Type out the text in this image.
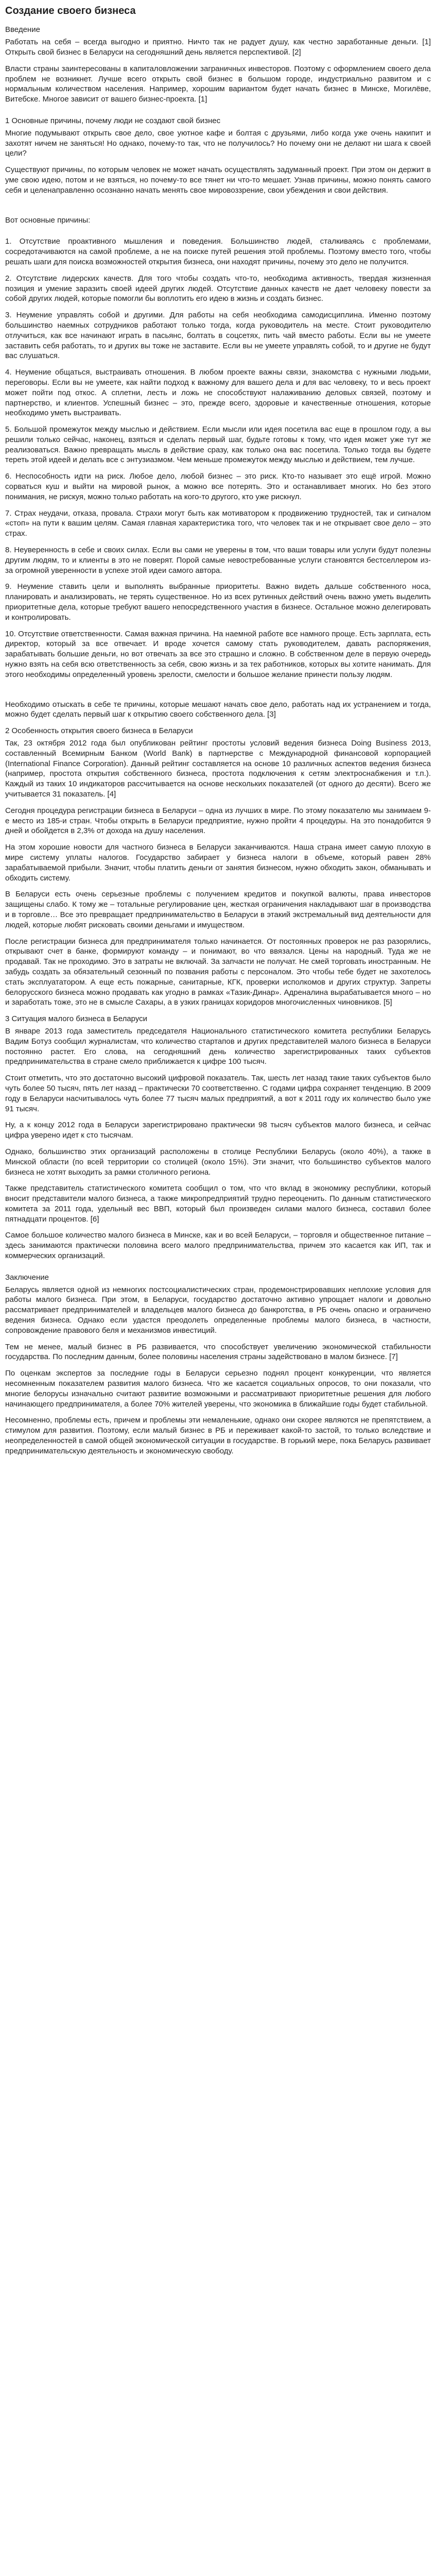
Создание своего бизнеса
Введение

Работать на себя – всегда выгодно и приятно. Ничто так не радует душу, как честно заработанные деньги. [1] Открыть свой бизнес в Беларуси на сегодняшний день является перспективой. [2]

Власти страны заинтересованы в капиталовложении заграничных инвесторов. Поэтому с оформлением своего дела проблем не возникнет. Лучше всего открыть свой бизнес в большом городе, индустриально развитом и с нормальным количеством населения. Например, хорошим вариантом будет начать бизнес в Минске, Могилёве, Витебске. Многое зависит от вашего бизнес-проекта. [1]

1 Основные причины, почему люди не создают свой бизнес

Многие подумывают открыть свое дело, свое уютное кафе и болтая с друзьями, либо когда уже очень накипит и захотят ничем не заняться! Но однако, почему-то так, что не получилось? Но почему они не делают ни шага к своей цели?

Существуют причины, по которым человек не может начать осуществлять задуманный проект. При этом он держит в уме свою идею, потом и не взяться, но почему-то все тянет ни что-то мешает. Узнав причины, можно понять самого себя и целенаправленно осознанно начать менять свое мировоззрение, свои убеждения и свои действия.

Вот основные причины:

1. Отсутствие проактивного мышления и поведения. Большинство людей, сталкиваясь с проблемами, сосредотачиваются на самой проблеме, а не на поиске путей решения этой проблемы. Поэтому вместо того, чтобы решать шаги для поиска возможностей открытия бизнеса, они находят причины, почему это дело не получится.

2. Отсутствие лидерских качеств. Для того чтобы создать что-то, необходима активность, твердая жизненная позиция и умение заразить своей идеей других людей. Отсутствие данных качеств не дает человеку повести за собой других людей, которые помогли бы воплотить его идею в жизнь и создать бизнес.

3. Неумение управлять собой и другими. Для работы на себя необходима самодисциплина. Именно поэтому большинство наемных сотрудников работают только тогда, когда руководитель на месте. Стоит руководителю отлучиться, как все начинают играть в пасьянс, болтать в соцсетях, пить чай вместо работы. Если вы не умеете заставить себя работать, то и других вы тоже не заставите. Если вы не умеете управлять собой, то и другие не будут вас слушаться.

4. Неумение общаться, выстраивать отношения. В любом проекте важны связи, знакомства с нужными людьми, переговоры. Если вы не умеете, как найти подход к важному для вашего дела и для вас человеку, то и весь проект может пойти под откос. А сплетни, лесть и ложь не способствуют налаживанию деловых связей, поэтому и партнерство, и клиентов. Успешный бизнес – это, прежде всего, здоровые и качественные отношения, которые необходимо уметь выстраивать.

5. Большой промежуток между мыслью и действием. Если мысли или идея посетила вас еще в прошлом году, а вы решили только сейчас, наконец, взяться и сделать первый шаг, будьте готовы к тому, что идея может уже тут же реализоваться. Важно превращать мысль в действие сразу, как только она вас посетила. Только тогда вы будете тереть этой идеей и делать все с энтузиазмом. Чем меньше промежуток между мыслью и действием, тем лучше.

6. Неспособность идти на риск. Любое дело, любой бизнес – это риск. Кто-то называет это ещё игрой. Можно сорваться куш и выйти на мировой рынок, а можно все потерять. Это и останавливает многих. Но без этого понимания, не рискуя, можно только работать на кого-то другого, кто уже рискнул.

7. Страх неудачи, отказа, провала. Страхи могут быть как мотиватором к продвижению трудностей, так и сигналом «стоп» на пути к вашим целям. Самая главная характеристика того, что человек так и не открывает свое дело – это страх.

8. Неуверенность в себе и своих силах. Если вы сами не уверены в том, что ваши товары или услуги будут полезны другим людям, то и клиенты в это не поверят. Порой самые невостребованные услуги становятся бестселлером из-за огромной уверенности в успехе этой идеи самого автора.

9. Неумение ставить цели и выполнять выбранные приоритеты. Важно видеть дальше собственного носа, планировать и анализировать, не терять существенное. Но из всех рутинных действий очень важно уметь выделить приоритетные дела, которые требуют вашего непосредственного участия в бизнесе. Остальное можно делегировать и контролировать.

10. Отсутствие ответственности. Самая важная причина. На наемной работе все намного проще. Есть зарплата, есть директор, который за все отвечает. И вроде хочется самому стать руководителем, давать распоряжения, зарабатывать большие деньги, но вот отвечать за все это страшно и сложно. В собственном деле в первую очередь нужно взять на себя всю ответственность за себя, свою жизнь и за тех работников, которых вы хотите нанимать. Для этого необходимы определенный уровень зрелости, смелости и большое желание принести пользу людям.

Необходимо отыскать в себе те причины, которые мешают начать свое дело, работать над их устранением и тогда, можно будет сделать первый шаг к открытию своего собственного дела. [3]

2 Особенность открытия своего бизнеса в Беларуси

Так, 23 октября 2012 года был опубликован рейтинг простоты условий ведения бизнеса Doing Business 2013, составленный Всемирным Банком (World Bank) в партнерстве с Международной финансовой корпорацией (International Finance Corporation). Данный рейтинг составляется на основе 10 различных аспектов ведения бизнеса (например, простота открытия собственного бизнеса, простота подключения к сетям электроснабжения и т.п.). Каждый из таких 10 индикаторов рассчитывается на основе нескольких показателей (от одного до десяти). Всего же учитывается 31 показатель. [4]

Сегодня процедура регистрации бизнеса в Беларуси – одна из лучших в мире. По этому показателю мы занимаем 9-е место из 185-и стран. Чтобы открыть в Беларуси предприятие, нужно пройти 4 процедуры. На это понадобится 9 дней и обойдется в 2,3% от дохода на душу населения.

На этом хорошие новости для частного бизнеса в Беларуси заканчиваются. Наша страна имеет самую плохую в мире систему уплаты налогов. Государство забирает у бизнеса налоги в объеме, который равен 28% зарабатываемой прибыли. Значит, чтобы платить деньги от занятия бизнесом, нужно обходить закон, обманывать и обходить систему.

В Беларуси есть очень серьезные проблемы с получением кредитов и покупкой валюты, права инвесторов защищены слабо. К тому же – тотальные регулирование цен, жесткая ограничения накладывают шаг в производства и в торговле… Все это превращает предпринимательство в Беларуси в этакий экстремальный вид деятельности для людей, которые любят рисковать своими деньгами и имуществом.

После регистрации бизнеса для предпринимателя только начинается. От постоянных проверок не раз разорялись, открывают счет в банке, формируют команду – и понимают, во что ввязался. Цены на народный. Туда же не продавай. Так не проходимо. Это в затраты не включай. За запчасти не получат. Не смей торговать иностранным. Не забудь создать за обязательный сезонный по позвания работы с персоналом. Это чтобы тебе будет не захотелось стать эксплуататором. А еще есть пожарные, санитарные, КГК, проверки исполкомов и других структур. Запреты белорусского бизнеса можно продавать как угодно в рамках «Тазик-Динар». Адреналина вырабатывается много – но и заработать тоже, это не в смысле Сахары, а в узких границах коридоров многочисленных чиновников. [5]

3 Ситуация малого бизнеса в Беларуси

В январе 2013 года заместитель председателя Национального статистического комитета республики Беларусь Вадим Ботуз сообщил журналистам, что количество стартапов и других представителей малого бизнеса в Беларуси постоянно растет. Его слова, на сегодняшний день количество зарегистрированных таких субъектов предпринимательства в стране смело приближается к цифре 100 тысяч.

Стоит отметить, что это достаточно высокий цифровой показатель. Так, шесть лет назад такие таких субъектов было чуть более 50 тысяч, пять лет назад – практически 70 соответственно. С годами цифра сохраняет тенденцию. В 2009 году в Беларуси насчитывалось чуть более 77 тысяч малых предприятий, а вот к 2011 году их количество было уже 91 тысяч.

Ну, а к концу 2012 года в Беларуси зарегистрировано практически 98 тысяч субъектов малого бизнеса, и сейчас цифра уверено идет к сто тысячам.

Однако, большинство этих организаций расположены в столице Республики Беларусь (около 40%), а также в Минской области (по всей территории со столицей (около 15%). Эти значит, что большинство субъектов малого бизнеса не хотят выходить за рамки столичного региона.

Также представитель статистического комитета сообщил о том, что что вклад в экономику республики, который вносит представители малого бизнеса, а также микропредприятий трудно переоценить. По данным статистического комитета за 2011 года, удельный вес ВВП, который был произведен силами малого бизнеса, составил более пятнадцати процентов. [6]

Самое большое количество малого бизнеса в Минске, как и во всей Беларуси, – торговля и общественное питание – здесь занимаются практически половина всего малого предпринимательства, причем это касается как ИП, так и коммерческих организаций.

Заключение

Беларусь является одной из немногих постсоциалистических стран, продемонстрировавших неплохие условия для работы малого бизнеса. При этом, в Беларуси, государство достаточно активно упрощает налоги и довольно рассматривает предпринимателей и владельцев малого бизнеса до банкротства, в РБ очень опасно и ограничено ведения бизнеса. Однако если удастся преодолеть определенные проблемы малого бизнеса, в частности, сопровождение правового беля и механизмов инвестиций.

Тем не менее, малый бизнес в РБ развивается, что способствует увеличению экономической стабильности государства. По последним данным, более половины населения страны задействовано в малом бизнесе. [7]

По оценкам экспертов за последние годы в Беларуси серьезно поднял процент конкуренции, что является несомненным показателем развития малого бизнеса. Что же касается социальных опросов, то они показали, что многие белорусы изначально считают развитие возможными и рассматривают приоритетные решения для любого начинающего предпринимателя, а более 70% жителей уверены, что экономика в ближайшие годы будет стабильной.

Несомненно, проблемы есть, причем и проблемы эти немаленькие, однако они скорее являются не препятствием, а стимулом для развития. Поэтому, если малый бизнес в РБ и переживает какой-то застой, то только вследствие и неопределенностей в самой общей экономической ситуации в государстве. В горький мере, пока Беларусь развивает предпринимательскую деятельность и экономическую свободу.
